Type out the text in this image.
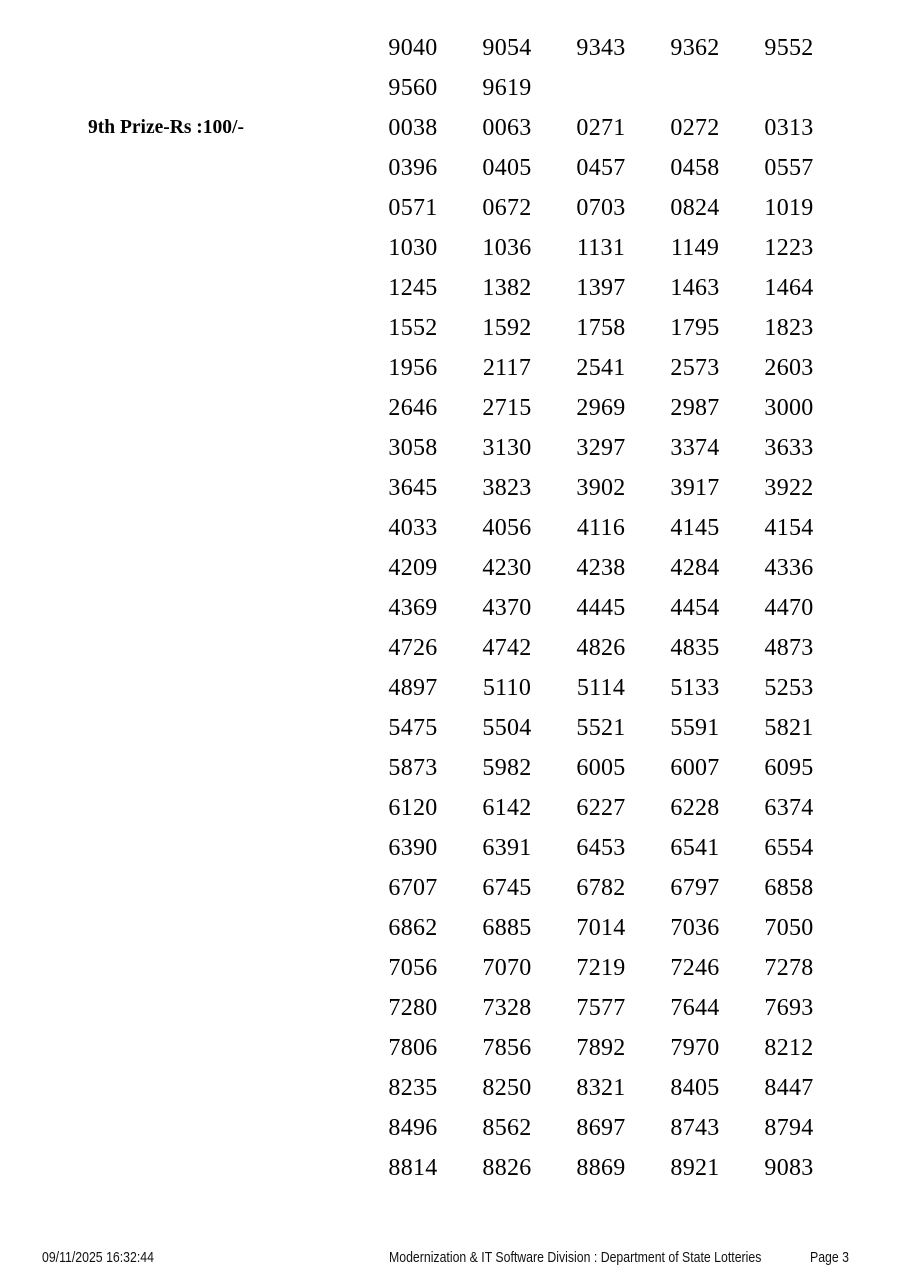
9040	9054	9343	9362	9552
9560	9619
9th Prize-Rs :100/-	0038	0063	0271	0272	0313
0396	0405	0457	0458	0557
0571	0672	0703	0824	1019
1030	1036	1131	1149	1223
1245	1382	1397	1463	1464
1552	1592	1758	1795	1823
1956	2117	2541	2573	2603
2646	2715	2969	2987	3000
3058	3130	3297	3374	3633
3645	3823	3902	3917	3922
4033	4056	4116	4145	4154
4209	4230	4238	4284	4336
4369	4370	4445	4454	4470
4726	4742	4826	4835	4873
4897	5110	5114	5133	5253
5475	5504	5521	5591	5821
5873	5982	6005	6007	6095
6120	6142	6227	6228	6374
6390	6391	6453	6541	6554
6707	6745	6782	6797	6858
6862	6885	7014	7036	7050
7056	7070	7219	7246	7278
7280	7328	7577	7644	7693
7806	7856	7892	7970	8212
8235	8250	8321	8405	8447
8496	8562	8697	8743	8794
8814	8826	8869	8921	9083
09/11/2025 16:32:44	Modernization & IT Software Division : Department of State Lotteries	Page 3
